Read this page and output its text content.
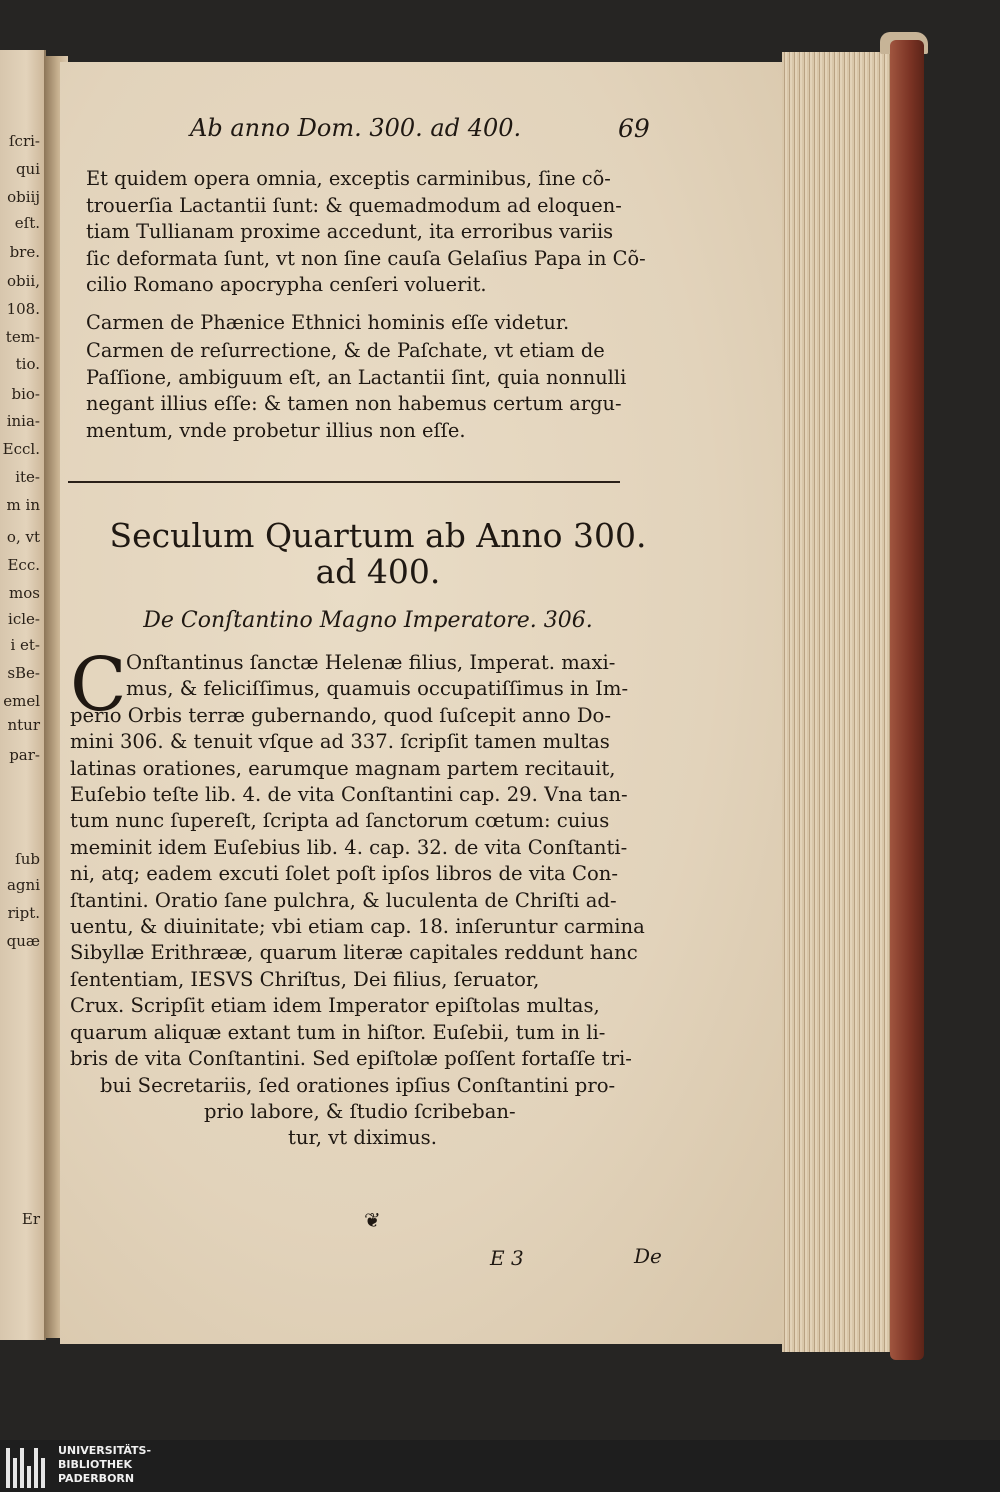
ſcri-
qui
obiij
eſt.
bre.
obii,
108.
tem-
tio.
bio-
inia-
Eccl.
ite-
m in
o, vt
Ecc.
mos
icle-
i et-
sBe-
emel
ntur
par-
ſub
agni
ript.
quæ
Er
Ab anno Dom. 300. ad 400.	69
Et quidem opera omnia, exceptis carminibus, ſine cõ-
trouerſia Lactantii ſunt: & quemadmodum ad eloquen-
tiam Tullianam proxime accedunt, ita erroribus variis
ſic deformata ſunt, vt non ſine cauſa Gelaſius Papa in Cõ-
cilio Romano apocrypha cenſeri voluerit.
Carmen de Phænice Ethnici hominis eſſe videtur.
Carmen de reſurrectione, & de Paſchate, vt etiam de
Paſſione, ambiguum eſt, an Lactantii ſint, quia nonnulli
negant illius eſſe: & tamen non habemus certum argu-
mentum, vnde probetur illius non eſſe.
Seculum Quartum ab Anno 300.
ad 400.
De Conſtantino Magno Imperatore. 306.
C Onſtantinus ſanctæ Helenæ filius, Imperat. maxi-
mus, & feliciſſimus, quamuis occupatiſſimus in Im-
perio Orbis terræ gubernando, quod ſuſcepit anno Do-
mini 306. & tenuit vſque ad 337. ſcripſit tamen multas
latinas orationes, earumque magnam partem recitauit,
Euſebio teſte lib. 4. de vita Conſtantini cap. 29. Vna tan-
tum nunc ſupereſt, ſcripta ad ſanctorum cœtum: cuius
meminit idem Euſebius lib. 4. cap. 32. de vita Conſtanti-
ni, atq; eadem excuti ſolet poſt ipſos libros de vita Con-
ſtantini. Oratio ſane pulchra, & luculenta de Chriſti ad-
uentu, & diuinitate; vbi etiam cap. 18. inſeruntur carmina
Sibyllæ Erithrææ, quarum literæ capitales reddunt hanc
ſententiam, IESVS Chriſtus, Dei filius, ſeruator,
Crux. Scripſit etiam idem Imperator epiſtolas multas,
quarum aliquæ extant tum in hiſtor. Euſebii, tum in li-
bris de vita Conſtantini. Sed epiſtolæ poſſent fortaſſe tri-
bui Secretariis, ſed orationes ipſius Conſtantini pro-
prio labore, & ſtudio ſcribeban-
tur, vt diximus.
❦
E 3	De
UNIVERSITÄTS-
BIBLIOTHEK
PADERBORN
